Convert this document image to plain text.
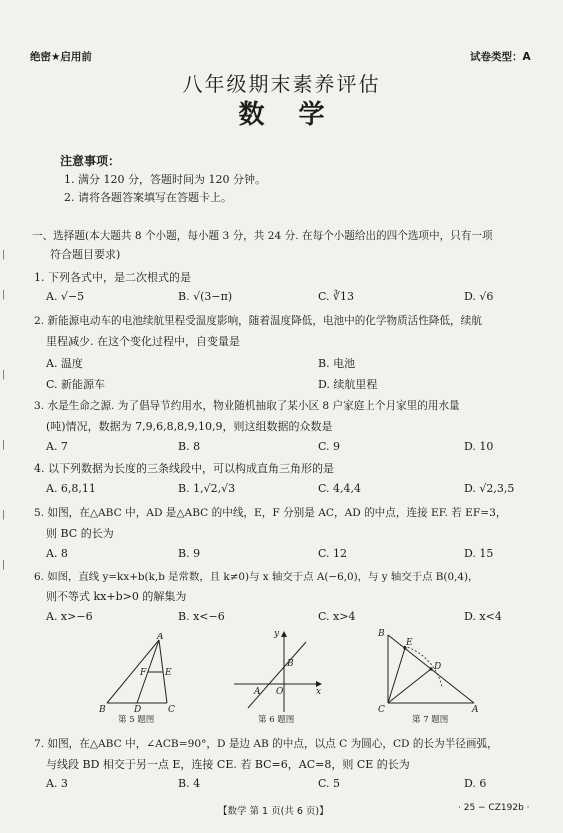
|
|
|
|
|
|
绝密★启用前	试卷类型：A
八年级期末素养评估
数学
注意事项：
1. 满分 120 分，答题时间为 120 分钟。
2. 请将各题答案填写在答题卡上。
一、选择题(本大题共 8 个小题，每小题 3 分，共 24 分. 在每个小题给出的四个选项中，只有一项
符合题目要求)
1. 下列各式中，是二次根式的是
A. √−5	B. √(3−π)	C. ∛13	D. √6
2. 新能源电动车的电池续航里程受温度影响，随着温度降低，电池中的化学物质活性降低，续航
里程减少. 在这个变化过程中，自变量是
A. 温度	B. 电池
C. 新能源车	D. 续航里程
3. 水是生命之源. 为了倡导节约用水，物业随机抽取了某小区 8 户家庭上个月家里的用水量
(吨)情况，数据为 7,9,6,8,8,9,10,9，则这组数据的众数是
A. 7	B. 8	C. 9	D. 10
4. 以下列数据为长度的三条线段中，可以构成直角三角形的是
A. 6,8,11	B. 1,√2,√3	C. 4,4,4	D. √2,3,5
5. 如图，在△ABC 中，AD 是△ABC 的中线，E，F 分别是 AC，AD 的中点，连接 EF. 若 EF=3，
则 BC 的长为
A. 8	B. 9	C. 12	D. 15
6. 如图，直线 y=kx+b(k,b 是常数，且 k≠0)与 x 轴交于点 A(−6,0)，与 y 轴交于点 B(0,4)，
则不等式 kx+b>0 的解集为
A. x>−6	B. x<−6	C. x>4	D. x<4
A
B	C
D
E
F
第 5 题图
y
x
A O
B
第 6 题图
B
E
D
C	A
第 7 题图
7. 如图，在△ABC 中，∠ACB=90°，D 是边 AB 的中点，以点 C 为圆心，CD 的长为半径画弧，
与线段 BD 相交于另一点 E，连接 CE. 若 BC=6，AC=8，则 CE 的长为
A. 3	B. 4	C. 5	D. 6
【数学 第 1 页(共 6 页)】	· 25 − CZ192b ·
